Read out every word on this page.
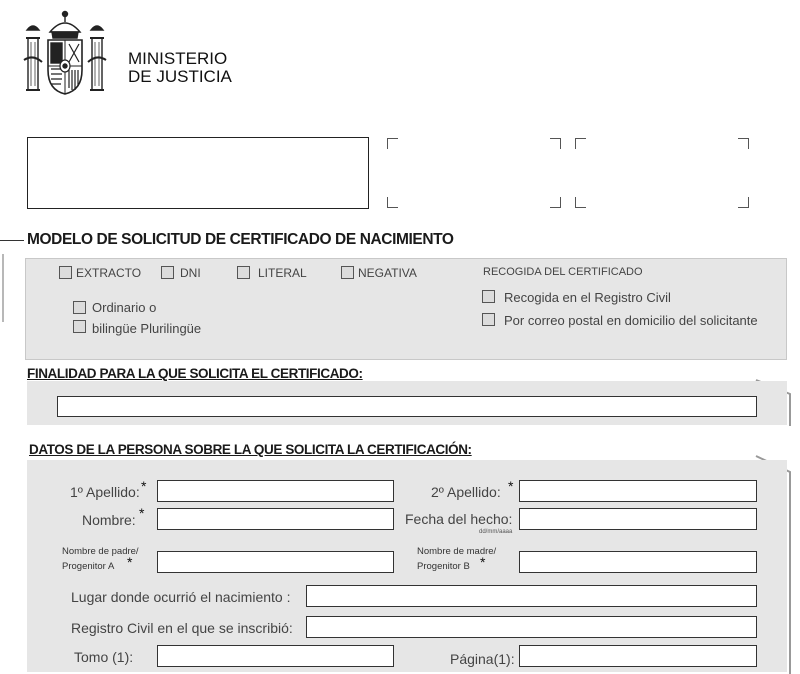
MINISTERIO
DE JUSTICIA
MODELO DE SOLICITUD DE CERTIFICADO DE NACIMIENTO
EXTRACTO	DNI	LITERAL	NEGATIVA
Ordinario o
bilingüe Plurilingüe
RECOGIDA DEL CERTIFICADO
Recogida en el Registro Civil
Por correo postal en domicilio del solicitante
FINALIDAD PARA LA QUE SOLICITA EL CERTIFICADO:
DATOS DE LA PERSONA SOBRE LA QUE SOLICITA LA CERTIFICACIÓN:
1º Apellido: *	2º Apellido: *
Nombre: *	Fecha del hecho:
dd/mm/aaaa
Nombre de padre/
Progenitor A *
Nombre de madre/
Progenitor B *
Lugar donde ocurrió el nacimiento :
Registro Civil en el que se inscribió:
Tomo (1):	Página(1):
